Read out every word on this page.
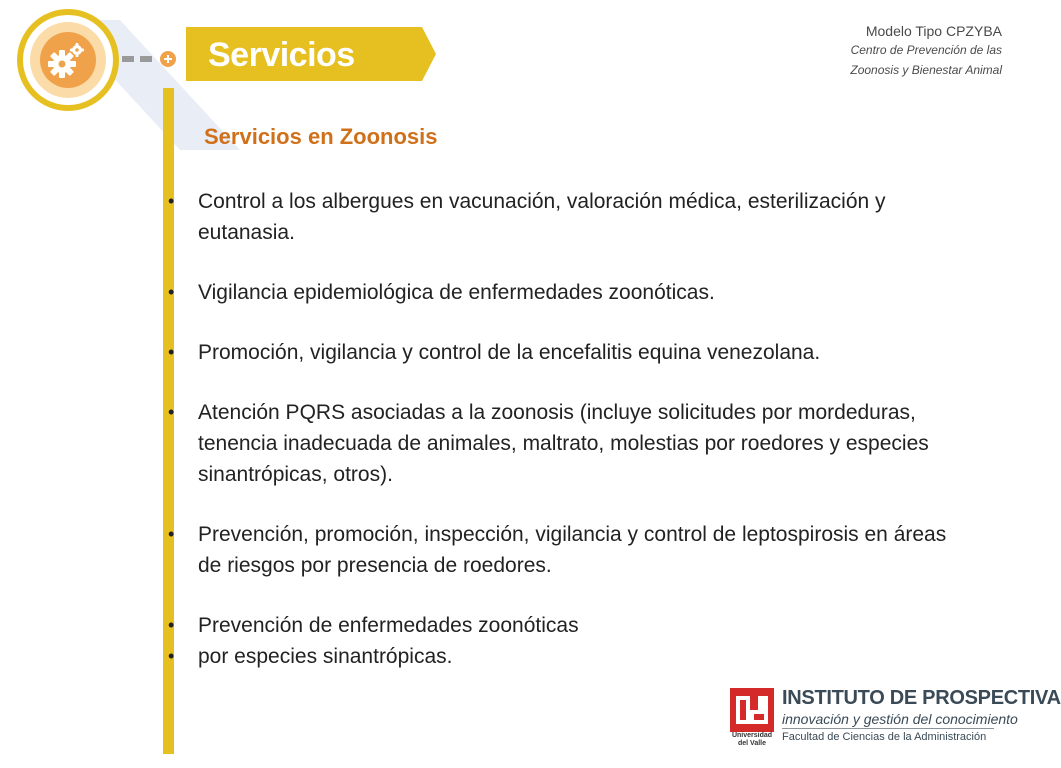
Servicios
Modelo Tipo CPZYBA
Centro de Prevención de las
Zoonosis y Bienestar Animal
Servicios en Zoonosis
• Control a los albergues en vacunación, valoración médica, esterilización y eutanasia.
• Vigilancia epidemiológica de enfermedades zoonóticas.
• Promoción, vigilancia y control de la encefalitis equina venezolana.
• Atención PQRS asociadas a la zoonosis (incluye solicitudes por mordeduras, tenencia inadecuada de animales, maltrato, molestias por roedores y especies sinantrópicas, otros).
• Prevención, promoción, inspección, vigilancia y control de leptospirosis en áreas de riesgos por presencia de roedores.
• Prevención de enfermedades zoonóticas
• por especies sinantrópicas.
Universidad del Valle
INSTITUTO DE PROSPECTIVA
innovación y gestión del conocimiento
Facultad de Ciencias de la Administración
